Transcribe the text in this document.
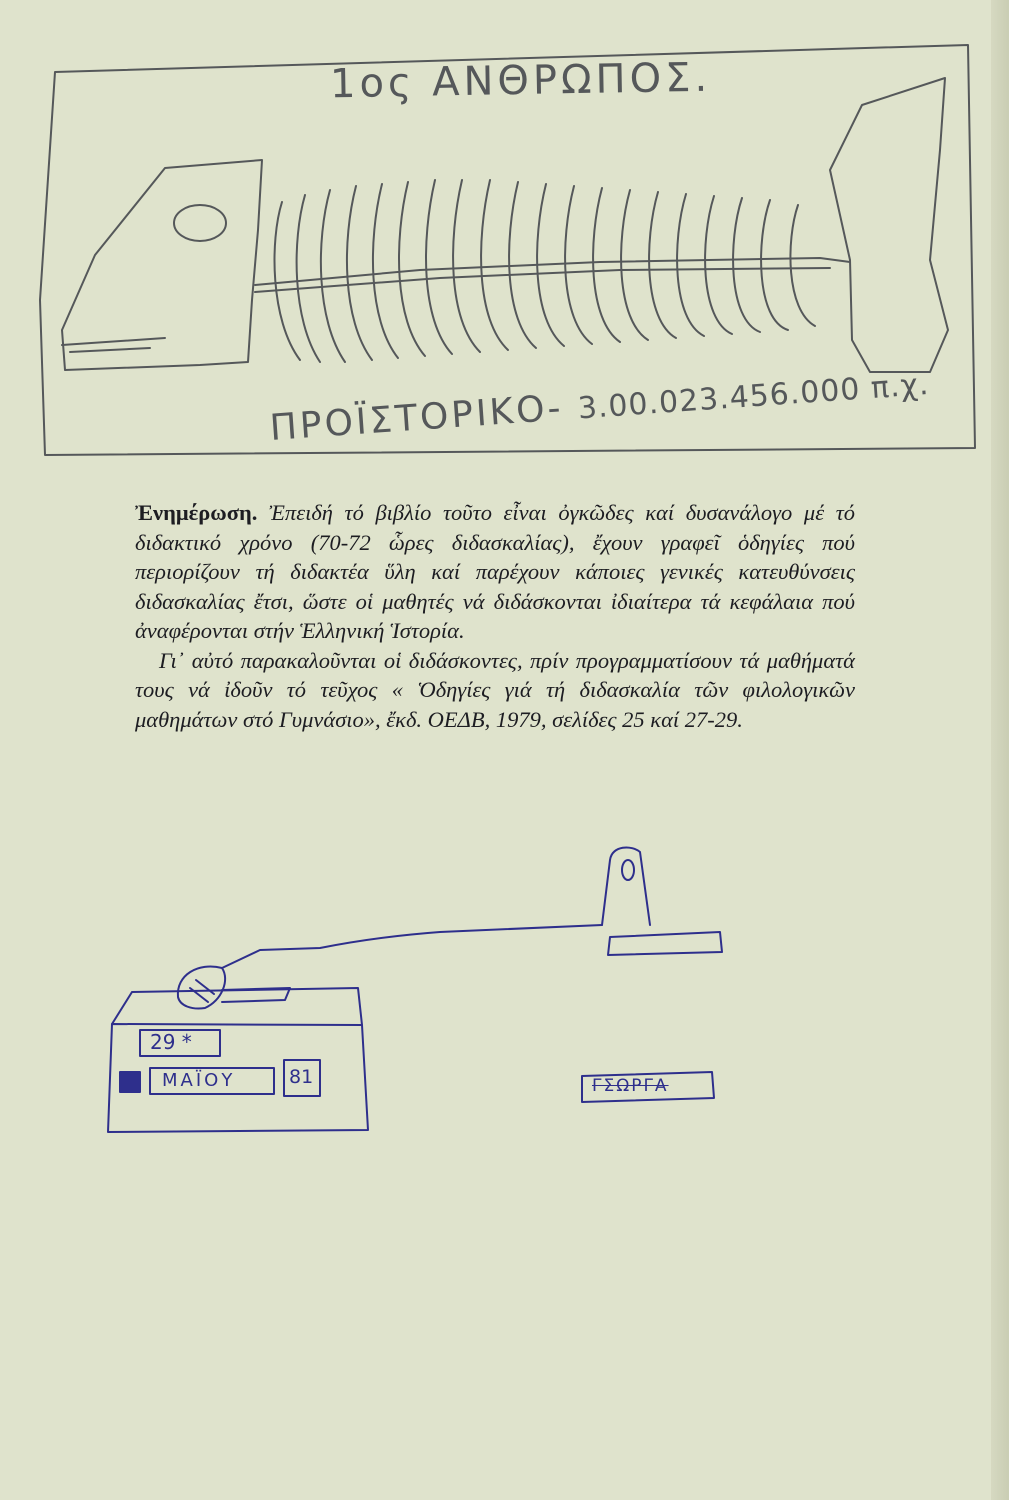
1ος ΑΝΘΡΩΠΟΣ.
ΠΡΟΪΣΤΟΡΙΚΟ- 3.00.023.456.000 π.χ.

Ἐνημέρωση. Ἐπειδή τό βιβλίο τοῦτο εἶναι ὀγκῶδες καί δυσανάλογο μέ τό διδακτικό χρόνο (70-72 ὧρες διδασκαλίας), ἔχουν γραφεῖ ὁδηγίες πού περιορίζουν τή διδακτέα ὕλη καί παρέχουν κάποιες γενικές κατευθύνσεις διδασκαλίας ἔτσι, ὥστε οἱ μαθητές νά διδάσκονται ἰδιαίτερα τά κεφάλαια πού ἀναφέρονται στήν Ἑλληνική Ἱστορία.

Γι᾿ αὐτό παρακαλοῦνται οἱ διδάσκοντες, πρίν προγραμματίσουν τά μαθήματά τους νά ἰδοῦν τό τεῦχος « Ὁδηγίες γιά τή διδασκαλία τῶν φιλολογικῶν μαθημάτων στό Γυμνάσιο», ἔκδ. ΟΕΔΒ, 1979, σελίδες 25 καί 27-29.

29 *
ΜΑΪΟΥ	81	ΓΣΩΡΓΑ
